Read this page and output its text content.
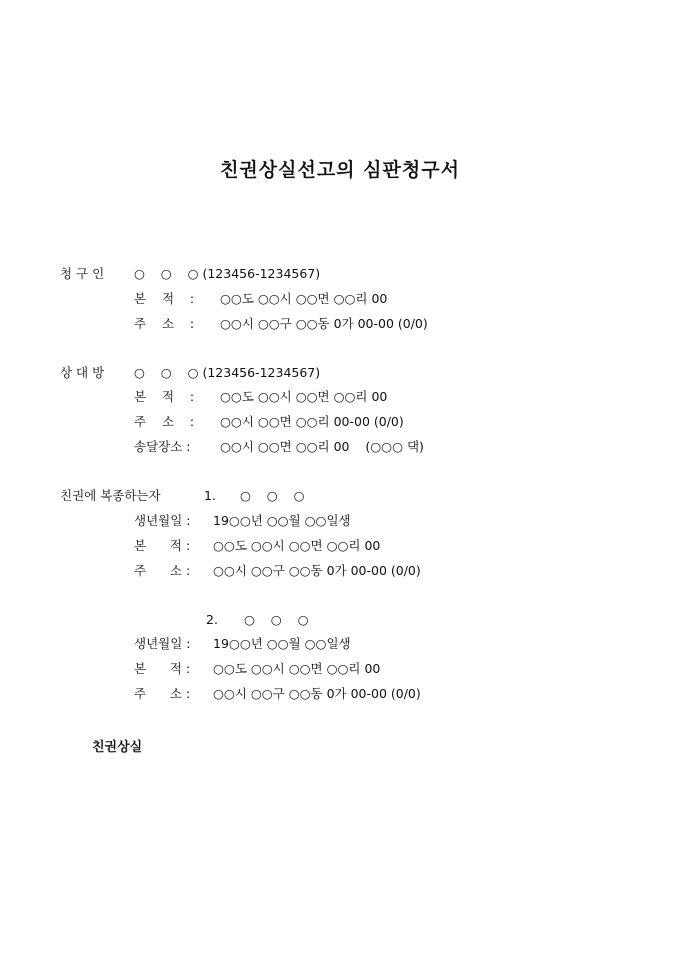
친권상실선고의 심판청구서
청 구 인 ○    ○    ○ (123456-1234567)
본    적    : ○○도 ○○시 ○○면 ○○리 00
주    소    : ○○시 ○○구 ○○동 0가 00-00 (0/0)
상 대 방 ○    ○    ○ (123456-1234567)
본    적    : ○○도 ○○시 ○○면 ○○리 00
주    소    : ○○시 ○○면 ○○리 00-00 (0/0)
송달장소 : ○○시 ○○면 ○○리 00    (○○○ 댁)
친권에 복종하는자	1. ○    ○    ○
생년월일 : 19○○년 ○○월 ○○일생
본      적 : ○○도 ○○시 ○○면 ○○리 00
주      소 : ○○시 ○○구 ○○동 0가 00-00 (0/0)
2. ○    ○    ○
생년월일 : 19○○년 ○○월 ○○일생
본      적 : ○○도 ○○시 ○○면 ○○리 00
주      소 : ○○시 ○○구 ○○동 0가 00-00 (0/0)
친권상실
